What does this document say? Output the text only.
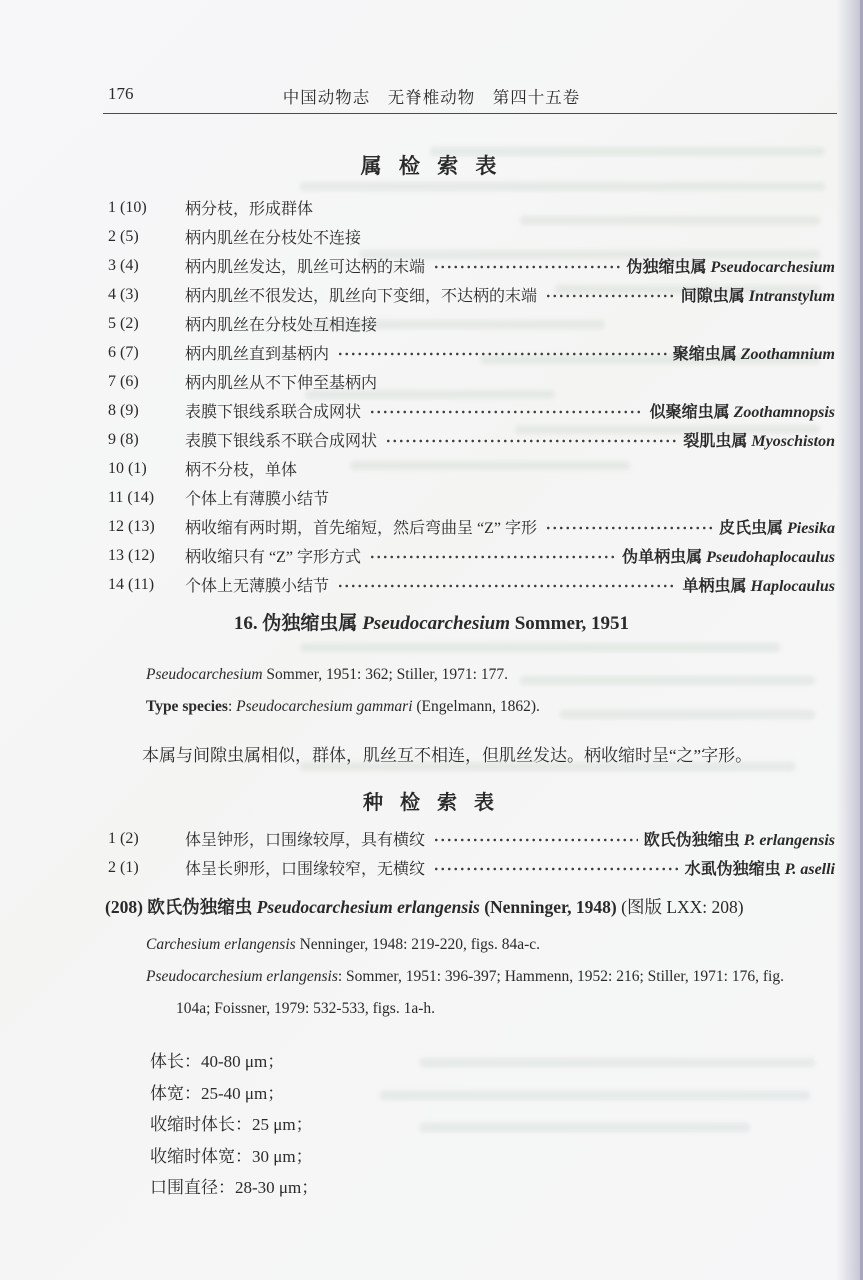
中国动物志　无脊椎动物　第四十五卷
176
属 检 索 表
1 (10)	柄分枝，形成群体
2 (5)	柄内肌丝在分枝处不连接
3 (4)	柄内肌丝发达，肌丝可达柄的末端	伪独缩虫属 Pseudocarchesium
4 (3)	柄内肌丝不很发达，肌丝向下变细，不达柄的末端	间隙虫属 Intranstylum
5 (2)	柄内肌丝在分枝处互相连接
6 (7)	柄内肌丝直到基柄内	聚缩虫属 Zoothamnium
7 (6)	柄内肌丝从不下伸至基柄内
8 (9)	表膜下银线系联合成网状	似聚缩虫属 Zoothamnopsis
9 (8)	表膜下银线系不联合成网状	裂肌虫属 Myoschiston
10 (1)	柄不分枝，单体
11 (14)	个体上有薄膜小结节
12 (13)	柄收缩有两时期，首先缩短，然后弯曲呈 “Z” 字形	皮氏虫属 Piesika
13 (12)	柄收缩只有 “Z” 字形方式	伪单柄虫属 Pseudohaplocaulus
14 (11)	个体上无薄膜小结节	单柄虫属 Haplocaulus
16. 伪独缩虫属 Pseudocarchesium Sommer, 1951
Pseudocarchesium Sommer, 1951: 362; Stiller, 1971: 177.
Type species: Pseudocarchesium gammari (Engelmann, 1862).
本属与间隙虫属相似，群体，肌丝互不相连，但肌丝发达。柄收缩时呈“之”字形。
种 检 索 表
1 (2)	体呈钟形，口围缘较厚，具有横纹	欧氏伪独缩虫 P. erlangensis
2 (1)	体呈长卵形，口围缘较窄，无横纹	水虱伪独缩虫 P. aselli
(208) 欧氏伪独缩虫 Pseudocarchesium erlangensis (Nenninger, 1948) (图版 LXX: 208)
Carchesium erlangensis Nenninger, 1948: 219-220, figs. 84a-c.
Pseudocarchesium erlangensis: Sommer, 1951: 396-397; Hammenn, 1952: 216; Stiller, 1971: 176, fig.
104a; Foissner, 1979: 532-533, figs. 1a-h.
体长：40-80 μm；
体宽：25-40 μm；
收缩时体长：25 μm；
收缩时体宽：30 μm；
口围直径：28-30 μm；
